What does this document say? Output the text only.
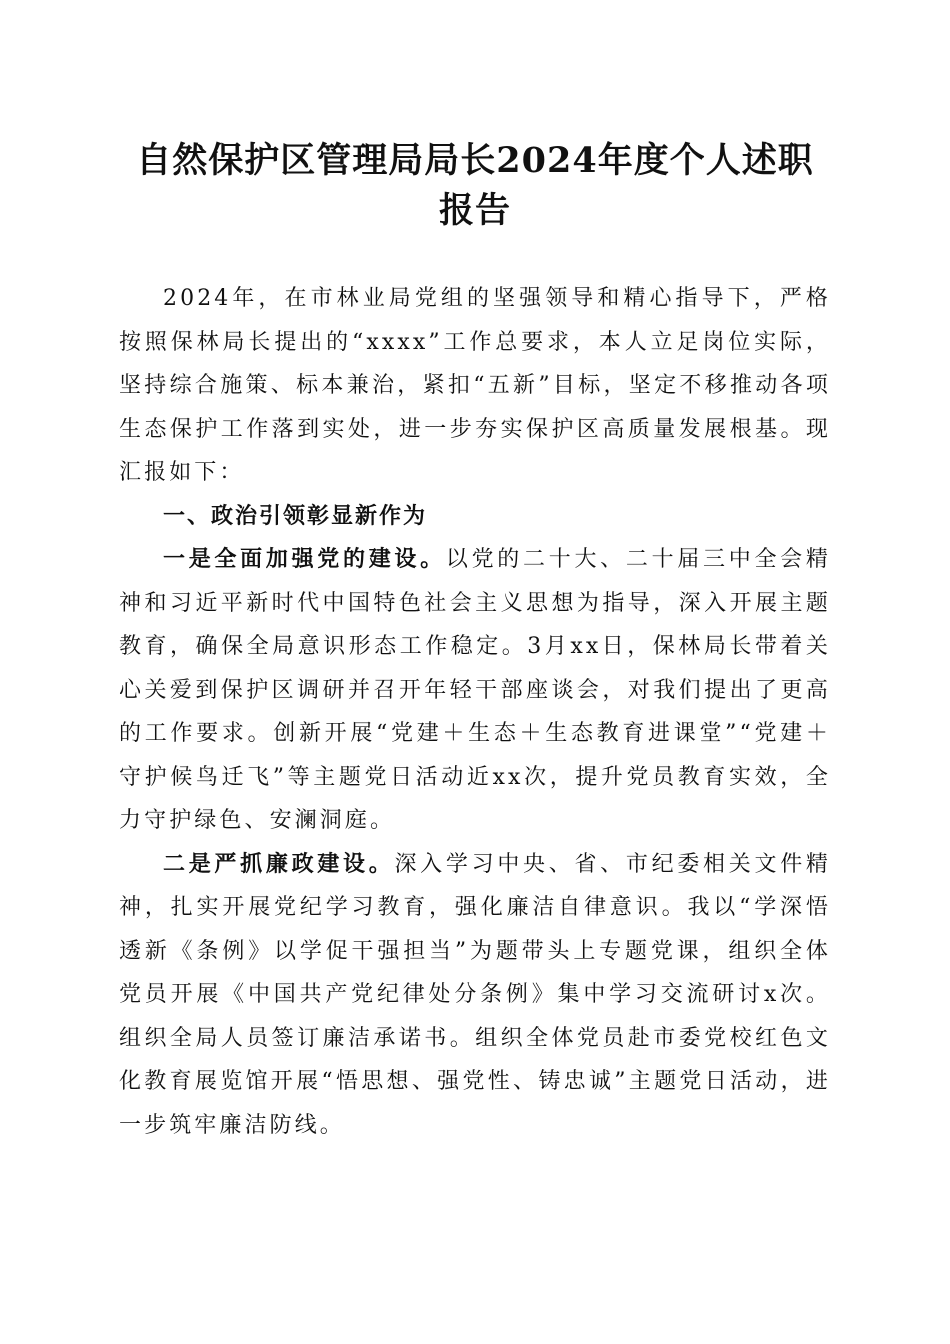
自然保护区管理局局长2024年度个人述职报告

2024年，在市林业局党组的坚强领导和精心指导下，严格按照保林局长提出的“xxxx”工作总要求，本人立足岗位实际，坚持综合施策、标本兼治，紧扣“五新”目标，坚定不移推动各项生态保护工作落到实处，进一步夯实保护区高质量发展根基。现汇报如下：

一、政治引领彰显新作为

一是全面加强党的建设。以党的二十大、二十届三中全会精神和习近平新时代中国特色社会主义思想为指导，深入开展主题教育，确保全局意识形态工作稳定。3月xx日，保林局长带着关心关爱到保护区调研并召开年轻干部座谈会，对我们提出了更高的工作要求。创新开展“党建＋生态＋生态教育进课堂”“党建＋守护候鸟迁飞”等主题党日活动近xx次，提升党员教育实效，全力守护绿色、安澜洞庭。

二是严抓廉政建设。深入学习中央、省、市纪委相关文件精神，扎实开展党纪学习教育，强化廉洁自律意识。我以“学深悟透新《条例》以学促干强担当”为题带头上专题党课，组织全体党员开展《中国共产党纪律处分条例》集中学习交流研讨x次。组织全局人员签订廉洁承诺书。组织全体党员赴市委党校红色文化教育展览馆开展“悟思想、强党性、铸忠诚”主题党日活动，进一步筑牢廉洁防线。
